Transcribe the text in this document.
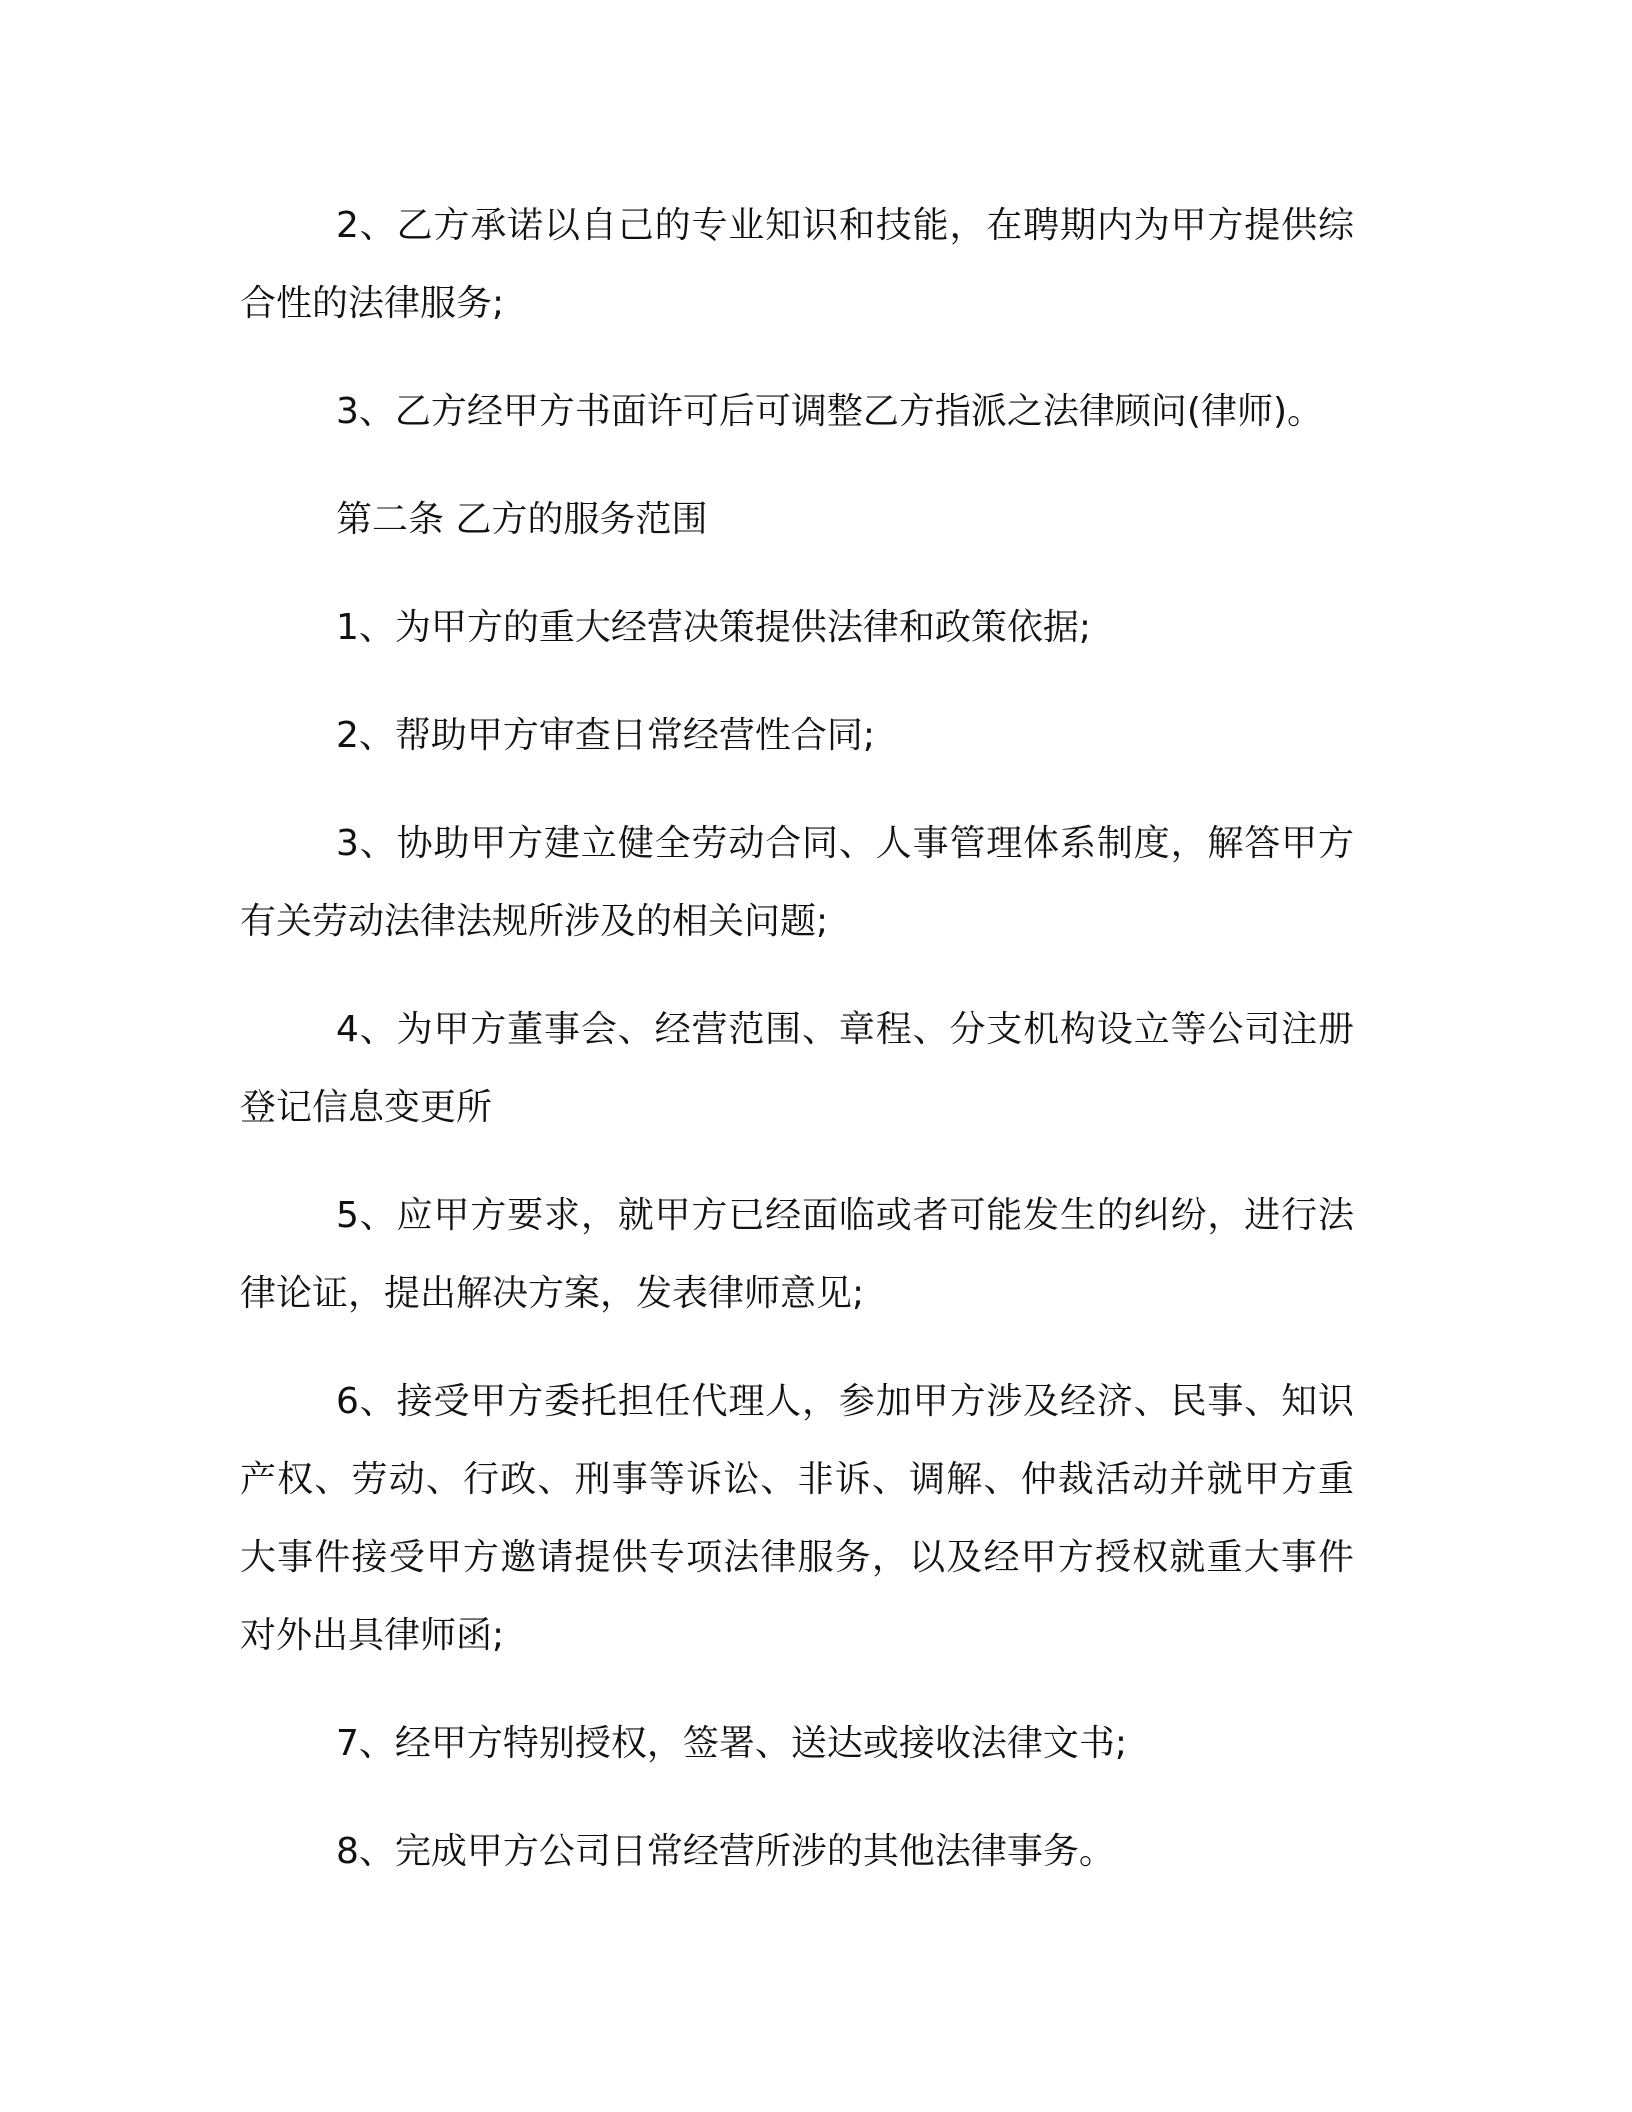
2、乙方承诺以自己的专业知识和技能，在聘期内为甲方提供综合性的法律服务;

3、乙方经甲方书面许可后可调整乙方指派之法律顾问(律师)。

第二条 乙方的服务范围

1、为甲方的重大经营决策提供法律和政策依据;

2、帮助甲方审查日常经营性合同;

3、协助甲方建立健全劳动合同、人事管理体系制度，解答甲方有关劳动法律法规所涉及的相关问题;

4、为甲方董事会、经营范围、章程、分支机构设立等公司注册登记信息变更所

5、应甲方要求，就甲方已经面临或者可能发生的纠纷，进行法律论证，提出解决方案，发表律师意见;

6、接受甲方委托担任代理人，参加甲方涉及经济、民事、知识产权、劳动、行政、刑事等诉讼、非诉、调解、仲裁活动并就甲方重大事件接受甲方邀请提供专项法律服务，以及经甲方授权就重大事件对外出具律师函;

7、经甲方特别授权，签署、送达或接收法律文书;

8、完成甲方公司日常经营所涉的其他法律事务。
